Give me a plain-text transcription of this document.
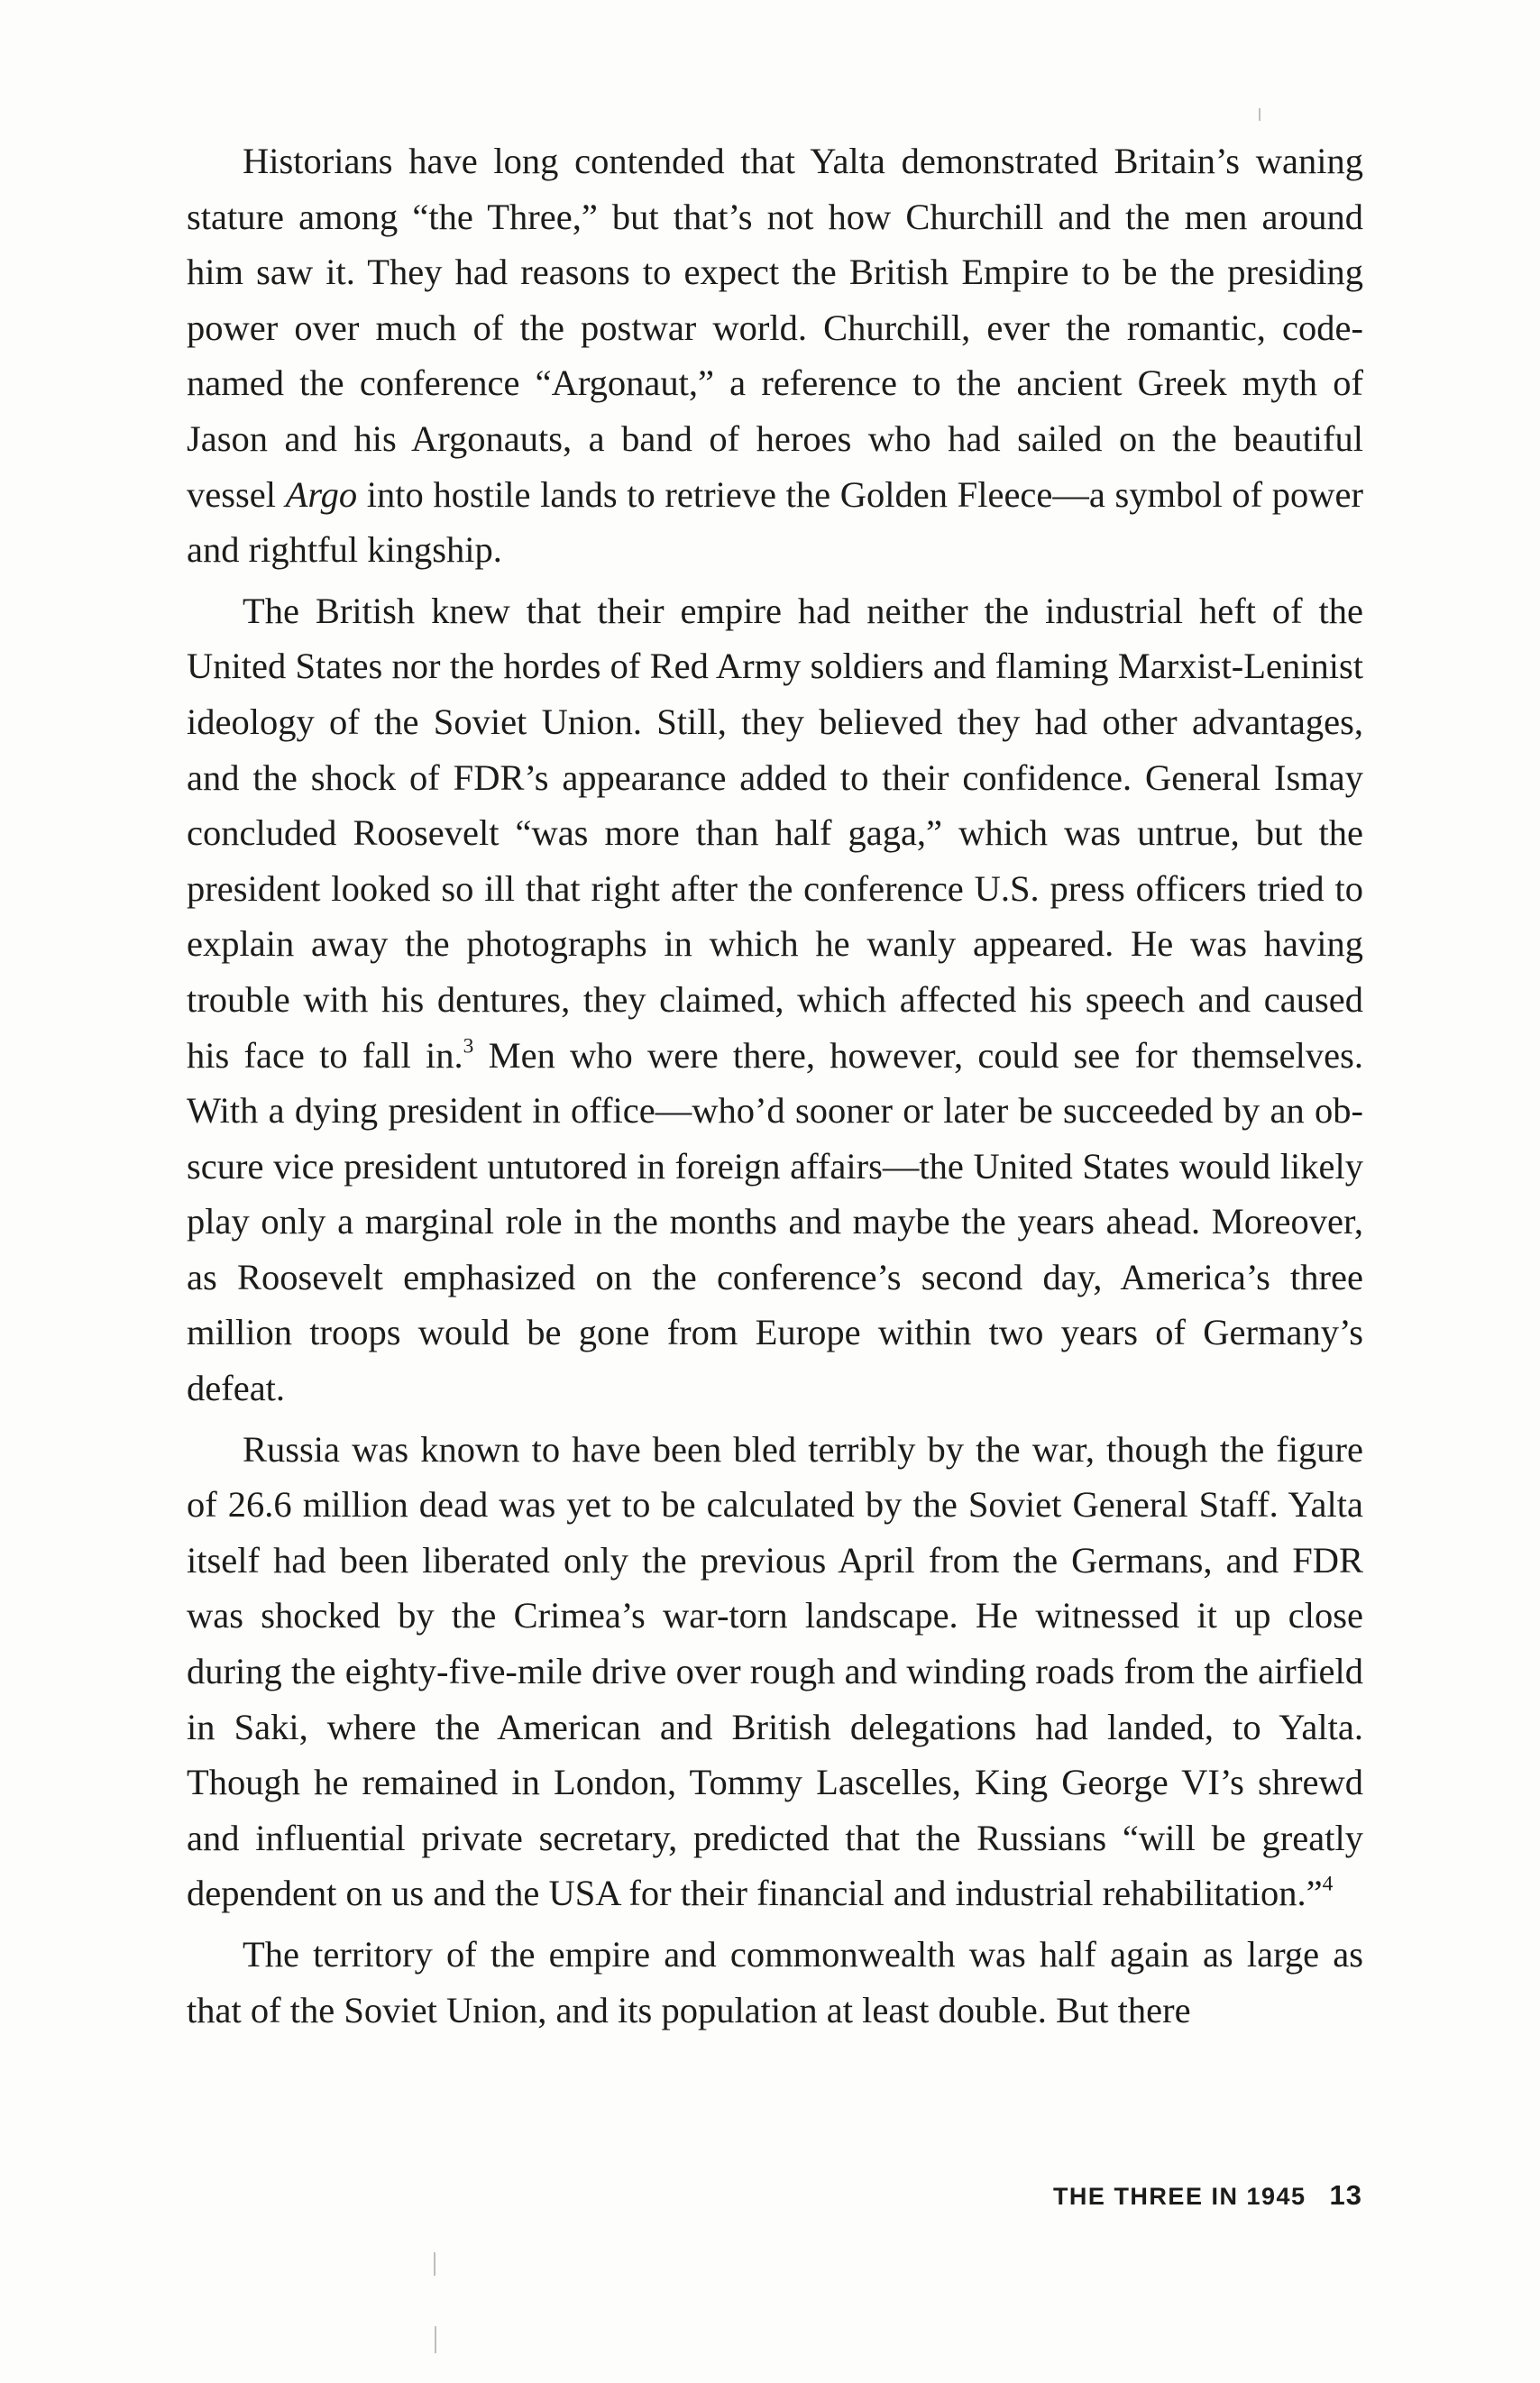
Historians have long contended that Yalta demonstrated Britain’s waning stature among “the Three,” but that’s not how Churchill and the men around him saw it. They had reasons to expect the British Empire to be the presiding power over much of the postwar world. Churchill, ever the romantic, code-named the conference “Argonaut,” a reference to the ancient Greek myth of Jason and his Argonauts, a band of heroes who had sailed on the beautiful vessel Argo into hostile lands to retrieve the Golden Fleece—a symbol of power and rightful kingship.

The British knew that their empire had neither the industrial heft of the United States nor the hordes of Red Army soldiers and flaming Marxist-Leninist ideology of the Soviet Union. Still, they believed they had other advantages, and the shock of FDR’s appearance added to their confidence. General Ismay concluded Roosevelt “was more than half gaga,” which was untrue, but the president looked so ill that right after the conference U.S. press officers tried to explain away the photographs in which he wanly appeared. He was having trouble with his dentures, they claimed, which affected his speech and caused his face to fall in.$^3$ Men who were there, however, could see for themselves. With a dying president in office—who’d sooner or later be succeeded by an obscure vice president untutored in foreign affairs—the United States would likely play only a marginal role in the months and maybe the years ahead. Moreover, as Roosevelt emphasized on the conference’s second day, America’s three million troops would be gone from Europe within two years of Germany’s defeat.

Russia was known to have been bled terribly by the war, though the figure of 26.6 million dead was yet to be calculated by the Soviet General Staff. Yalta itself had been liberated only the previous April from the Germans, and FDR was shocked by the Crimea’s war-torn landscape. He witnessed it up close during the eighty-five-mile drive over rough and winding roads from the airfield in Saki, where the American and British delegations had landed, to Yalta. Though he remained in London, Tommy Lascelles, King George VI’s shrewd and influential private secretary, predicted that the Russians “will be greatly dependent on us and the USA for their financial and industrial rehabilitation.”$^4$

The territory of the empire and commonwealth was half again as large as that of the Soviet Union, and its population at least double. But there

THE THREE IN 1945 13
